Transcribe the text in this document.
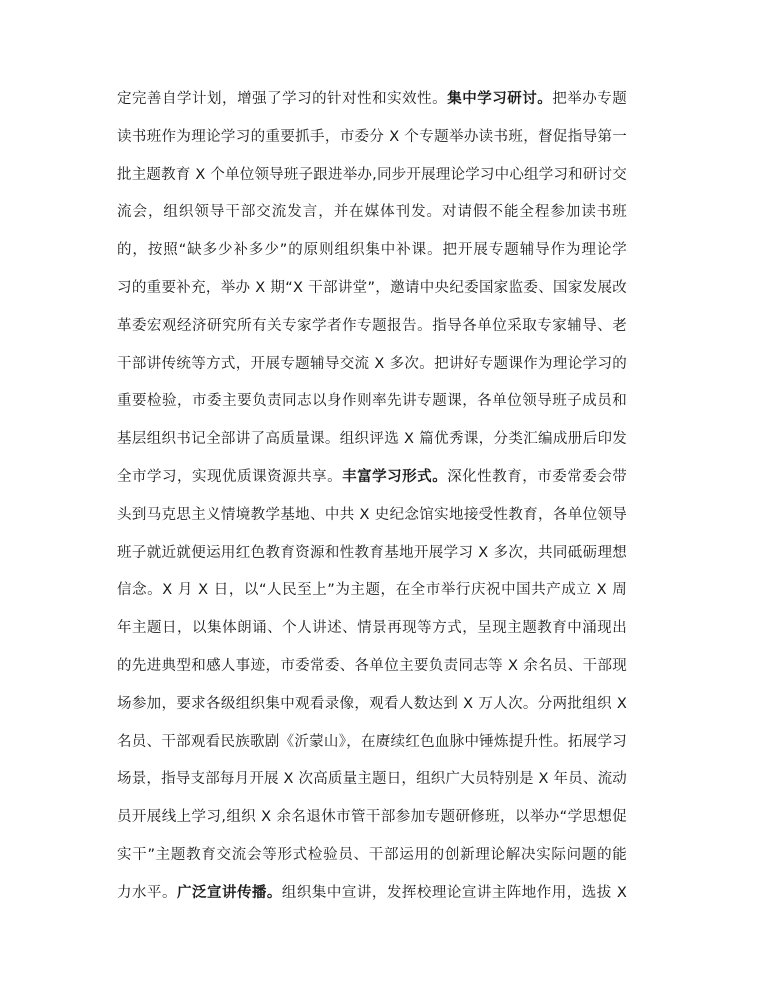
定完善自学计划，增强了学习的针对性和实效性。集中学习研讨。把举办专题
读书班作为理论学习的重要抓手，市委分 X 个专题举办读书班，督促指导第一
批主题教育 X 个单位领导班子跟进举办,同步开展理论学习中心组学习和研讨交
流会，组织领导干部交流发言，并在媒体刊发。对请假不能全程参加读书班
的，按照“缺多少补多少”的原则组织集中补课。把开展专题辅导作为理论学
习的重要补充，举办 X 期“X 干部讲堂”，邀请中央纪委国家监委、国家发展改
革委宏观经济研究所有关专家学者作专题报告。指导各单位采取专家辅导、老
干部讲传统等方式，开展专题辅导交流 X 多次。把讲好专题课作为理论学习的
重要检验，市委主要负责同志以身作则率先讲专题课，各单位领导班子成员和
基层组织书记全部讲了高质量课。组织评选 X 篇优秀课，分类汇编成册后印发
全市学习，实现优质课资源共享。丰富学习形式。深化性教育，市委常委会带
头到马克思主义情境教学基地、中共 X 史纪念馆实地接受性教育，各单位领导
班子就近就便运用红色教育资源和性教育基地开展学习 X 多次，共同砥砺理想
信念。X 月 X 日，以“人民至上”为主题，在全市举行庆祝中国共产成立 X 周
年主题日，以集体朗诵、个人讲述、情景再现等方式，呈现主题教育中涌现出
的先进典型和感人事迹，市委常委、各单位主要负责同志等 X 余名员、干部现
场参加，要求各级组织集中观看录像，观看人数达到 X 万人次。分两批组织 X
名员、干部观看民族歌剧《沂蒙山》，在赓续红色血脉中锤炼提升性。拓展学习
场景，指导支部每月开展 X 次高质量主题日，组织广大员特别是 X 年员、流动
员开展线上学习,组织 X 余名退休市管干部参加专题研修班，以举办“学思想促
实干”主题教育交流会等形式检验员、干部运用的创新理论解决实际问题的能
力水平。广泛宣讲传播。组织集中宣讲，发挥校理论宣讲主阵地作用，选拔 X
